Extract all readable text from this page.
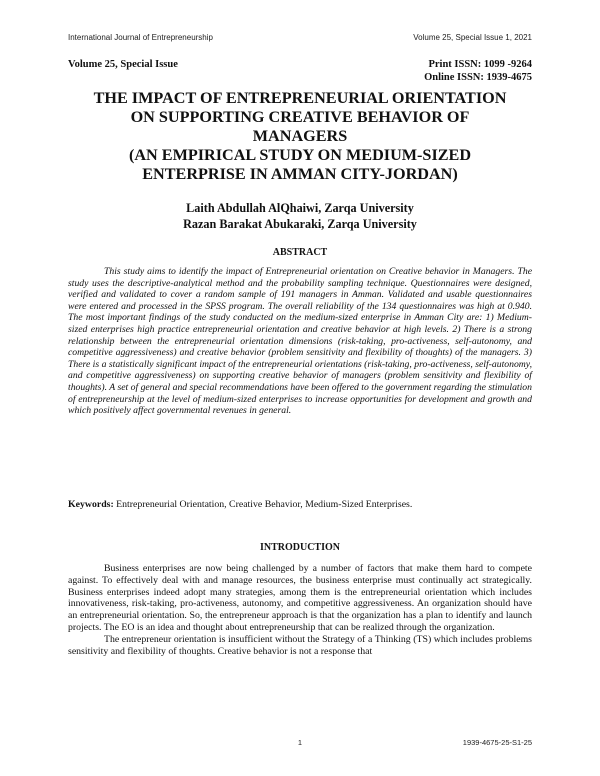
International Journal of Entrepreneurship	Volume 25, Special Issue 1, 2021
Volume 25, Special Issue	Print ISSN: 1099 -9264
Online ISSN: 1939-4675
THE IMPACT OF ENTREPRENEURIAL ORIENTATION
ON SUPPORTING CREATIVE BEHAVIOR OF
MANAGERS
(AN EMPIRICAL STUDY ON MEDIUM-SIZED
ENTERPRISE IN AMMAN CITY-JORDAN)
Laith Abdullah AlQhaiwi, Zarqa University
Razan Barakat Abukaraki, Zarqa University
ABSTRACT

This study aims to identify the impact of Entrepreneurial orientation on Creative behavior in Managers. The study uses the descriptive-analytical method and the probability sampling technique. Questionnaires were designed, verified and validated to cover a random sample of 191 managers in Amman. Validated and usable questionnaires were entered and processed in the SPSS program. The overall reliability of the 134 questionnaires was high at 0.940. The most important findings of the study conducted on the medium-sized enterprise in Amman City are: 1) Medium-sized enterprises high practice entrepreneurial orientation and creative behavior at high levels. 2) There is a strong relationship between the entrepreneurial orientation dimensions (risk-taking, pro-activeness, self-autonomy, and competitive aggressiveness) and creative behavior (problem sensitivity and flexibility of thoughts) of the managers. 3) There is a statistically significant impact of the entrepreneurial orientations (risk-taking, pro-activeness, self-autonomy, and competitive aggressiveness) on supporting creative behavior of managers (problem sensitivity and flexibility of thoughts). A set of general and special recommendations have been offered to the government regarding the stimulation of entrepreneurship at the level of medium-sized enterprises to increase opportunities for development and growth and which positively affect governmental revenues in general.

Keywords: Entrepreneurial Orientation, Creative Behavior, Medium-Sized Enterprises.
INTRODUCTION

Business enterprises are now being challenged by a number of factors that make them hard to compete against. To effectively deal with and manage resources, the business enterprise must continually act strategically. Business enterprises indeed adopt many strategies, among them is the entrepreneurial orientation which includes innovativeness, risk-taking, pro-activeness, autonomy, and competitive aggressiveness. An organization should have an entrepreneurial orientation. So, the entrepreneur approach is that the organization has a plan to identify and launch projects. The EO is an idea and thought about entrepreneurship that can be realized through the organization.

The entrepreneur orientation is insufficient without the Strategy of a Thinking (TS) which includes problems sensitivity and flexibility of thoughts. Creative behavior is not a response that

1	1939-4675-25-S1-25
